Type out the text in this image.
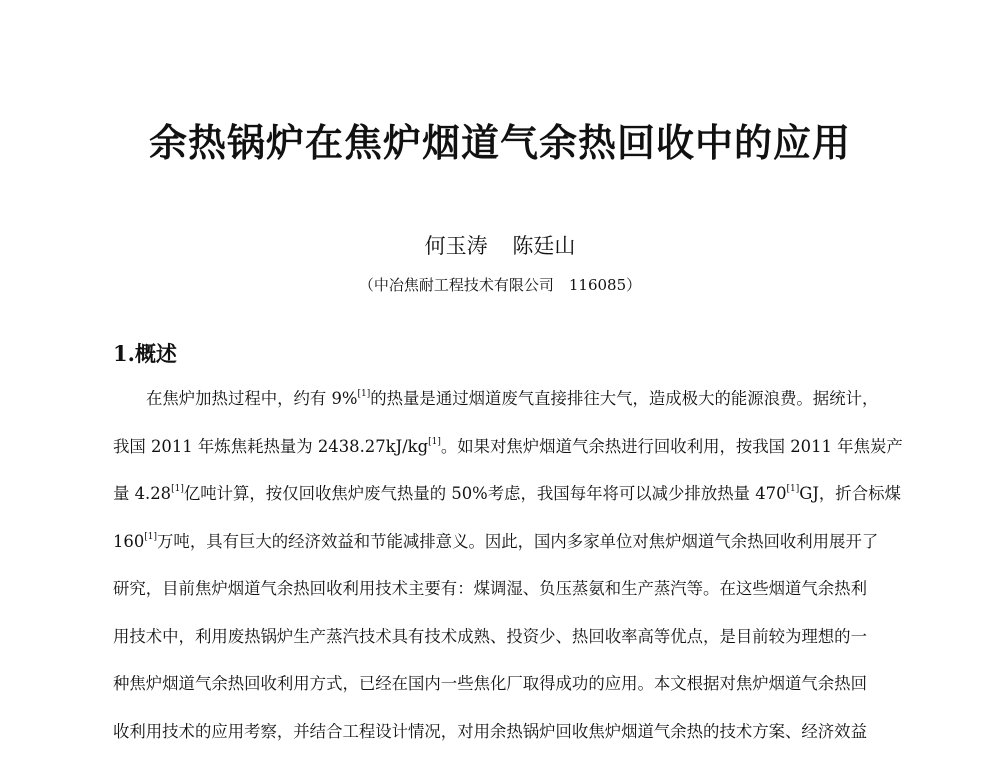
余热锅炉在焦炉烟道气余热回收中的应用
何玉涛 陈廷山
（中冶焦耐工程技术有限公司　116085）
1.概述
在焦炉加热过程中，约有 9%[1]的热量是通过烟道废气直接排往大气，造成极大的能源浪费。据统计，
我国 2011 年炼焦耗热量为 2438.27kJ/kg[1]。如果对焦炉烟道气余热进行回收利用，按我国 2011 年焦炭产
量 4.28[1]亿吨计算，按仅回收焦炉废气热量的 50%考虑，我国每年将可以减少排放热量 470[1]GJ，折合标煤
160[1]万吨，具有巨大的经济效益和节能减排意义。因此，国内多家单位对焦炉烟道气余热回收利用展开了
研究，目前焦炉烟道气余热回收利用技术主要有：煤调湿、负压蒸氨和生产蒸汽等。在这些烟道气余热利
用技术中，利用废热锅炉生产蒸汽技术具有技术成熟、投资少、热回收率高等优点，是目前较为理想的一
种焦炉烟道气余热回收利用方式，已经在国内一些焦化厂取得成功的应用。本文根据对焦炉烟道气余热回
收利用技术的应用考察，并结合工程设计情况，对用余热锅炉回收焦炉烟道气余热的技术方案、经济效益
